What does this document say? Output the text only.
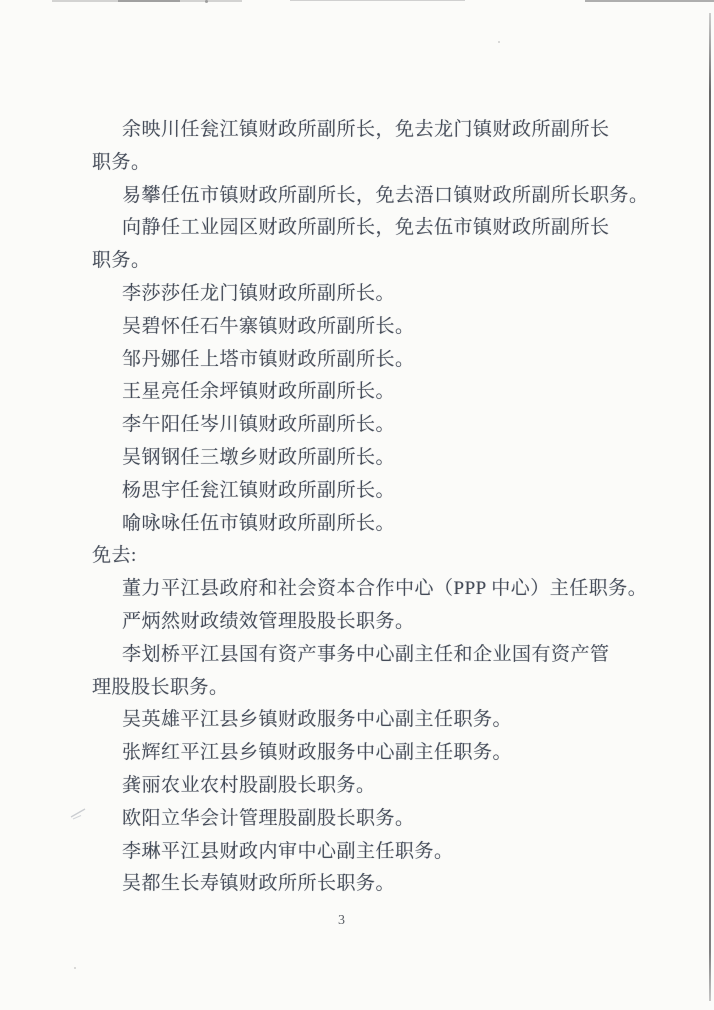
余映川任瓮江镇财政所副所长，免去龙门镇财政所副所长
职务。
易攀任伍市镇财政所副所长，免去浯口镇财政所副所长职务。
向静任工业园区财政所副所长，免去伍市镇财政所副所长
职务。
李莎莎任龙门镇财政所副所长。
吴碧怀任石牛寨镇财政所副所长。
邹丹娜任上塔市镇财政所副所长。
王星亮任余坪镇财政所副所长。
李午阳任岑川镇财政所副所长。
吴钢钢任三墩乡财政所副所长。
杨思宇任瓮江镇财政所副所长。
喻咏咏任伍市镇财政所副所长。
免去:
董力平江县政府和社会资本合作中心（PPP 中心）主任职务。
严炳然财政绩效管理股股长职务。
李划桥平江县国有资产事务中心副主任和企业国有资产管
理股股长职务。
吴英雄平江县乡镇财政服务中心副主任职务。
张辉红平江县乡镇财政服务中心副主任职务。
龚丽农业农村股副股长职务。
欧阳立华会计管理股副股长职务。
李琳平江县财政内审中心副主任职务。
吴都生长寿镇财政所所长职务。
3
